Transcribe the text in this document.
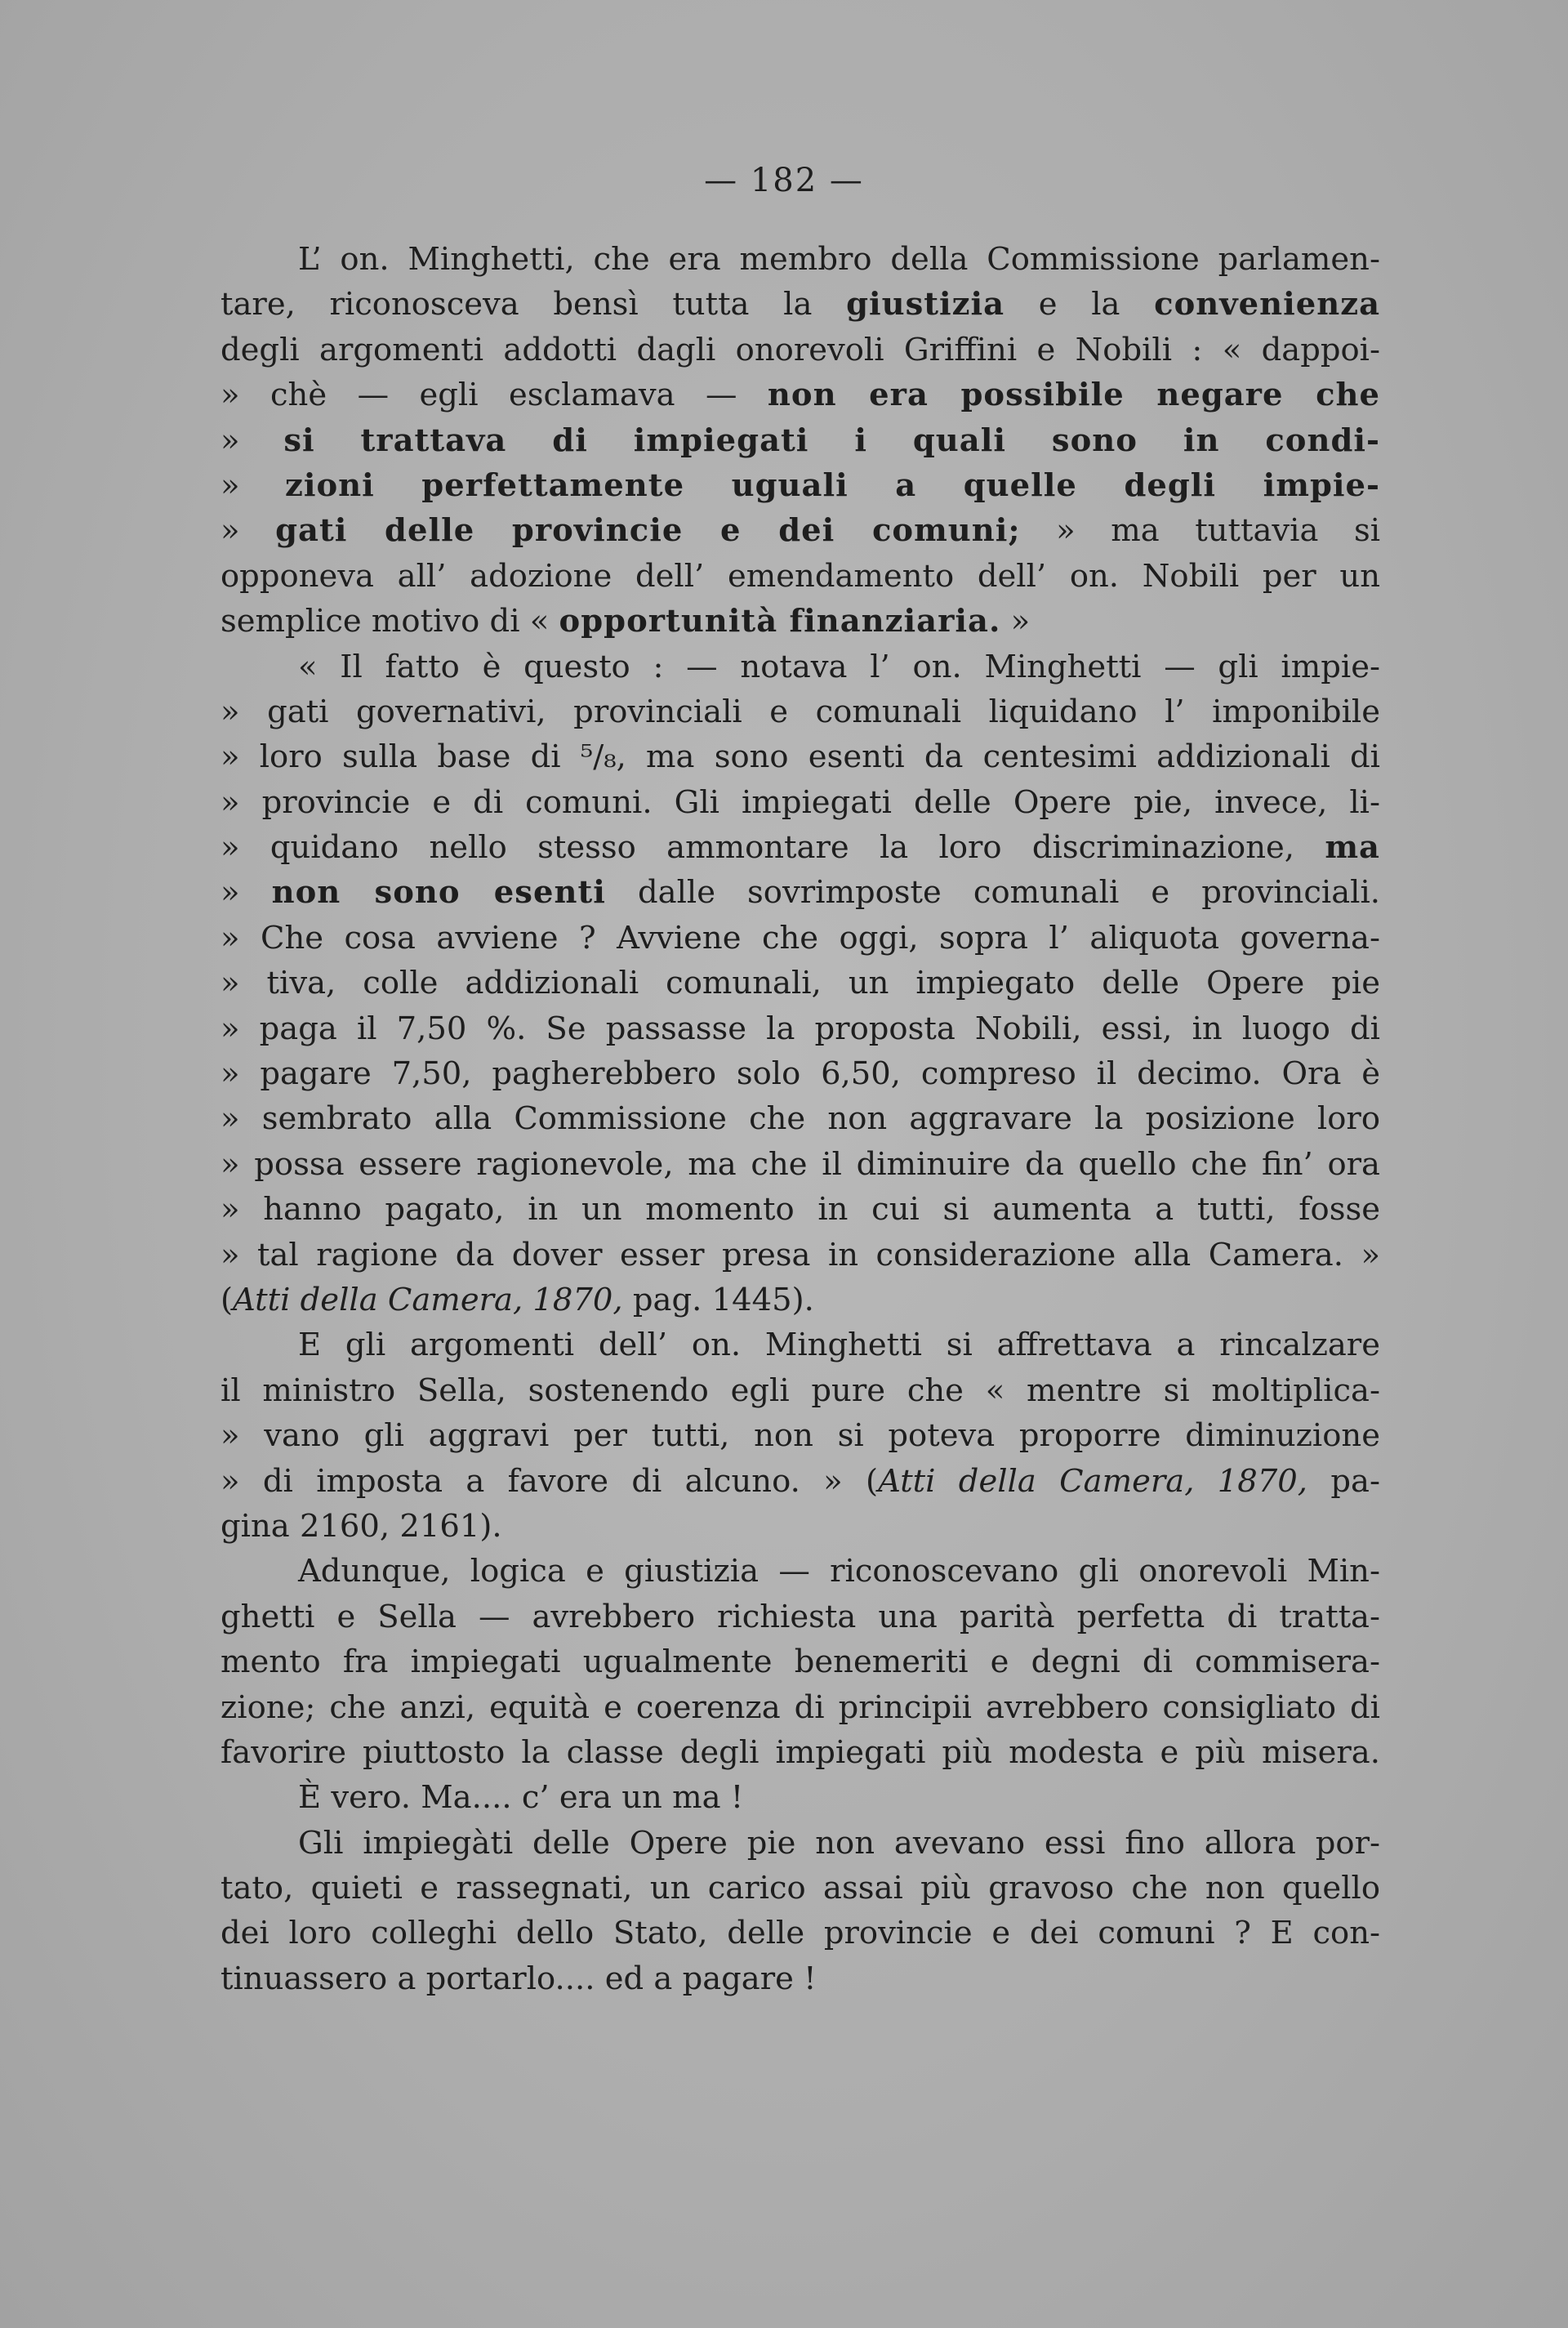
— 182 —
L’ on. Minghetti, che era membro della Commissione parlamen-
tare, riconosceva bensì tutta la giustizia e la convenienza
degli argomenti addotti dagli onorevoli Griffini e Nobili : « dappoi-
» chè — egli esclamava — non era possibile negare che
» si trattava di impiegati i quali sono in condi-
» zioni perfettamente uguali a quelle degli impie-
» gati delle provincie e dei comuni; » ma tuttavia si
opponeva all’ adozione dell’ emendamento dell’ on. Nobili per un
semplice motivo di « opportunità finanziaria. »
« Il fatto è questo : — notava l’ on. Minghetti — gli impie-
» gati governativi, provinciali e comunali liquidano l’ imponibile
» loro sulla base di ⁵/₈, ma sono esenti da centesimi addizionali di
» provincie e di comuni. Gli impiegati delle Opere pie, invece, li-
» quidano nello stesso ammontare la loro discriminazione, ma
» non sono esenti dalle sovrimposte comunali e provinciali.
» Che cosa avviene ? Avviene che oggi, sopra l’ aliquota governa-
» tiva, colle addizionali comunali, un impiegato delle Opere pie
» paga il 7,50 %. Se passasse la proposta Nobili, essi, in luogo di
» pagare 7,50, pagherebbero solo 6,50, compreso il decimo. Ora è
» sembrato alla Commissione che non aggravare la posizione loro
» possa essere ragionevole, ma che il diminuire da quello che fin’ ora
» hanno pagato, in un momento in cui si aumenta a tutti, fosse
» tal ragione da dover esser presa in considerazione alla Camera. »
(Atti della Camera, 1870, pag. 1445).
E gli argomenti dell’ on. Minghetti si affrettava a rincalzare
il ministro Sella, sostenendo egli pure che « mentre si moltiplica-
» vano gli aggravi per tutti, non si poteva proporre diminuzione
» di imposta a favore di alcuno. » (Atti della Camera, 1870, pa-
gina 2160, 2161).
Adunque, logica e giustizia — riconoscevano gli onorevoli Min-
ghetti e Sella — avrebbero richiesta una parità perfetta di tratta-
mento fra impiegati ugualmente benemeriti e degni di commisera-
zione; che anzi, equità e coerenza di principii avrebbero consigliato di
favorire piuttosto la classe degli impiegati più modesta e più misera.
È vero. Ma.... c’ era un ma !
Gli impiegàti delle Opere pie non avevano essi fino allora por-
tato, quieti e rassegnati, un carico assai più gravoso che non quello
dei loro colleghi dello Stato, delle provincie e dei comuni ? E con-
tinuassero a portarlo.... ed a pagare !
